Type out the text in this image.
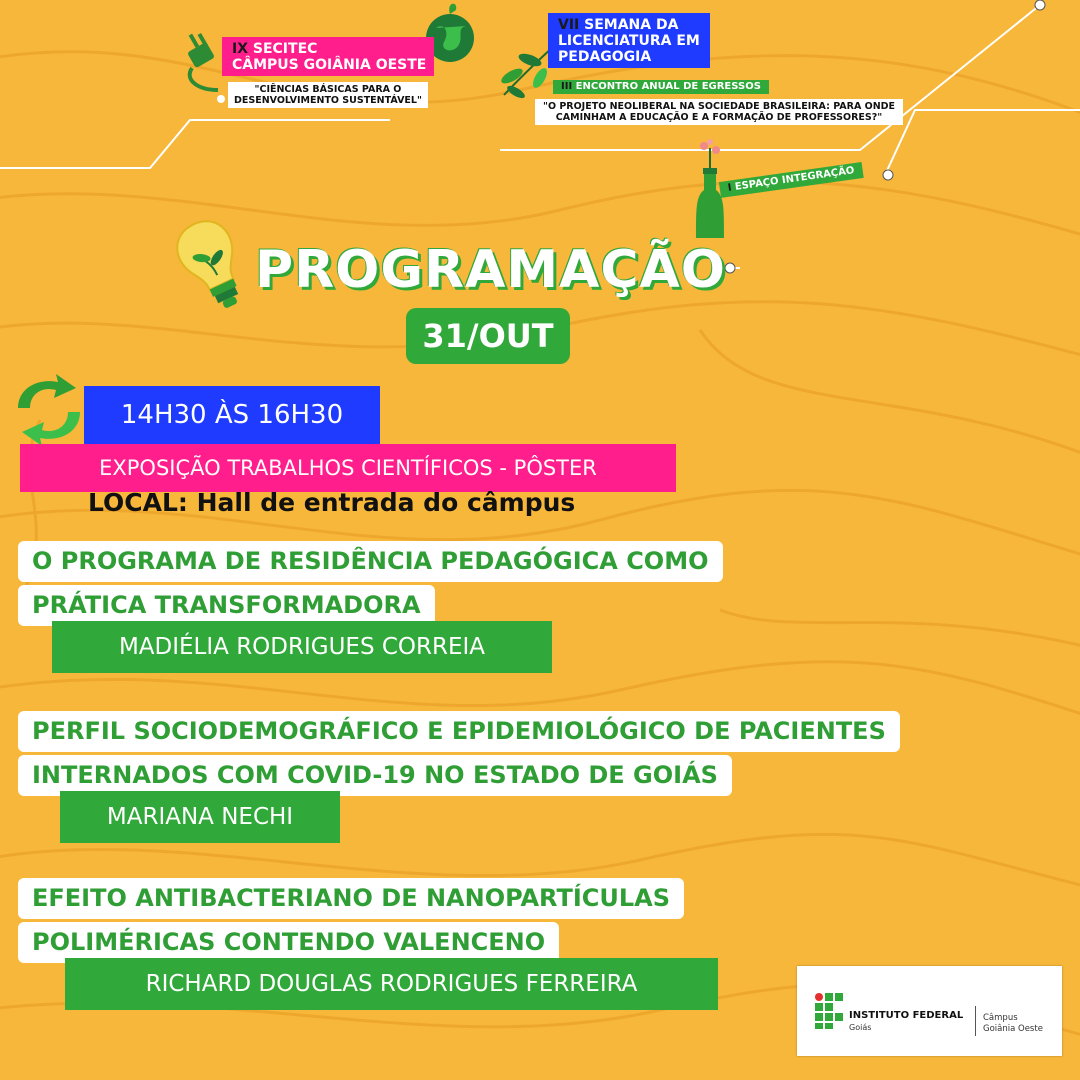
IX SECITEC
CÂMPUS GOIÂNIA OESTE
"CIÊNCIAS BÁSICAS PARA O
DESENVOLVIMENTO SUSTENTÁVEL"
VII SEMANA DA
LICENCIATURA EM
PEDAGOGIA
III ENCONTRO ANUAL DE EGRESSOS
"O PROJETO NEOLIBERAL NA SOCIEDADE BRASILEIRA: PARA ONDE
CAMINHAM A EDUCAÇÃO E A FORMAÇÃO DE PROFESSORES?"
I ESPAÇO INTEGRAÇÃO
PROGRAMAÇÃO
31/OUT
14H30 ÀS 16H30
EXPOSIÇÃO TRABALHOS CIENTÍFICOS - PÔSTER
LOCAL: Hall de entrada do câmpus
O PROGRAMA DE RESIDÊNCIA PEDAGÓGICA COMO
PRÁTICA TRANSFORMADORA
MADIÉLIA RODRIGUES CORREIA
PERFIL SOCIODEMOGRÁFICO E EPIDEMIOLÓGICO DE PACIENTES
INTERNADOS COM COVID-19 NO ESTADO DE GOIÁS
MARIANA NECHI
EFEITO ANTIBACTERIANO DE NANOPARTÍCULAS
POLIMÉRICAS CONTENDO VALENCENO
RICHARD DOUGLAS RODRIGUES FERREIRA
INSTITUTO FEDERAL
Goiás
Câmpus
Goiânia Oeste
